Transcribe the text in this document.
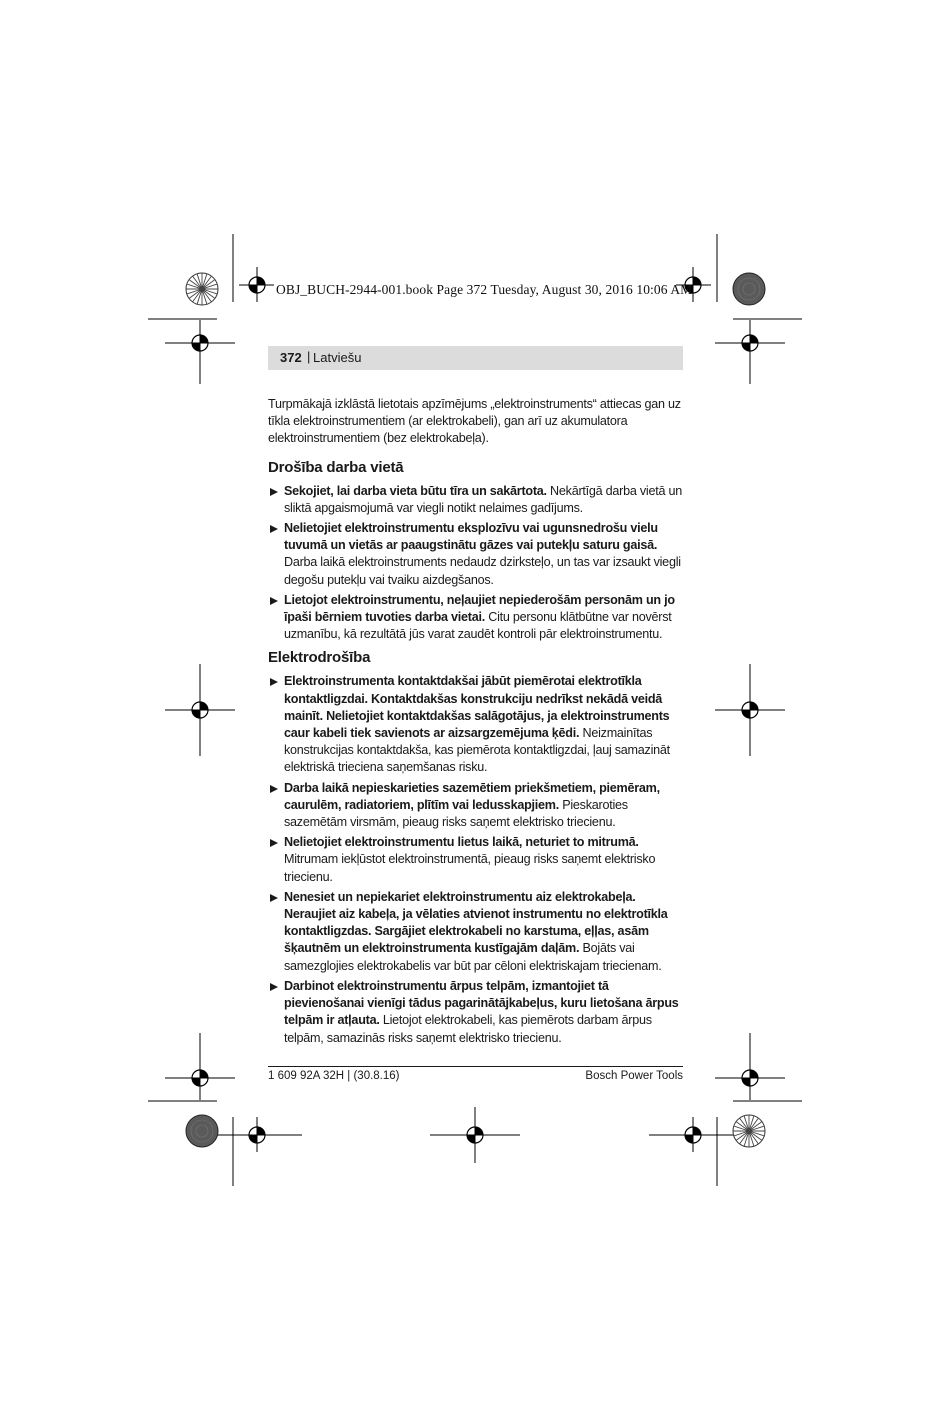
OBJ_BUCH-2944-001.book Page 372 Tuesday, August 30, 2016 10:06 AM
372 | Latviešu

Turpmākajā izklāstā lietotais apzīmējums „elektroinstruments“ attiecas gan uz tīkla elektroinstrumentiem (ar elektrokabeli), gan arī uz akumulatora elektroinstrumentiem (bez elektrokabeļa).

Drošība darba vietā
Sekojiet, lai darba vieta būtu tīra un sakārtota. Nekārtīgā darba vietā un sliktā apgaismojumā var viegli notikt nelaimes gadījums.
Nelietojiet elektroinstrumentu eksplozīvu vai ugunsnedrošu vielu tuvumā un vietās ar paaugstinātu gāzes vai putekļu saturu gaisā. Darba laikā elektroinstruments nedaudz dzirksteļo, un tas var izsaukt viegli degošu putekļu vai tvaiku aizdegšanos.
Lietojot elektroinstrumentu, neļaujiet nepiederošām personām un jo īpaši bērniem tuvoties darba vietai. Citu personu klātbūtne var novērst uzmanību, kā rezultātā jūs varat zaudēt kontroli pār elektroinstrumentu.
Elektrodrošība
Elektroinstrumenta kontaktdakšai jābūt piemērotai elektrotīkla kontaktligzdai. Kontaktdakšas konstrukciju nedrīkst nekādā veidā mainīt. Nelietojiet kontaktdakšas salāgotājus, ja elektroinstruments caur kabeli tiek savienots ar aizsargzemējuma ķēdi. Neizmainītas konstrukcijas kontaktdakša, kas piemērota kontaktligzdai, ļauj samazināt elektriskā trieciena saņemšanas risku.
Darba laikā nepieskarieties sazemētiem priekšmetiem, piemēram, caurulēm, radiatoriem, plītīm vai ledusskapjiem. Pieskaroties sazemētām virsmām, pieaug risks saņemt elektrisko triecienu.
Nelietojiet elektroinstrumentu lietus laikā, neturiet to mitrumā. Mitrumam iekļūstot elektroinstrumentā, pieaug risks saņemt elektrisko triecienu.
Nenesiet un nepiekariet elektroinstrumentu aiz elektrokabeļa. Neraujiet aiz kabeļa, ja vēlaties atvienot instrumentu no elektrotīkla kontaktligzdas. Sargājiet elektrokabeli no karstuma, eļļas, asām šķautnēm un elektroinstrumenta kustīgajām daļām. Bojāts vai samezglojies elektrokabelis var būt par cēloni elektriskajam triecienam.
Darbinot elektroinstrumentu ārpus telpām, izmantojiet tā pievienošanai vienīgi tādus pagarinātājkabeļus, kuru lietošana ārpus telpām ir atļauta. Lietojot elektrokabeli, kas piemērots darbam ārpus telpām, samazinās risks saņemt elektrisko triecienu.
1 609 92A 32H | (30.8.16)	Bosch Power Tools
